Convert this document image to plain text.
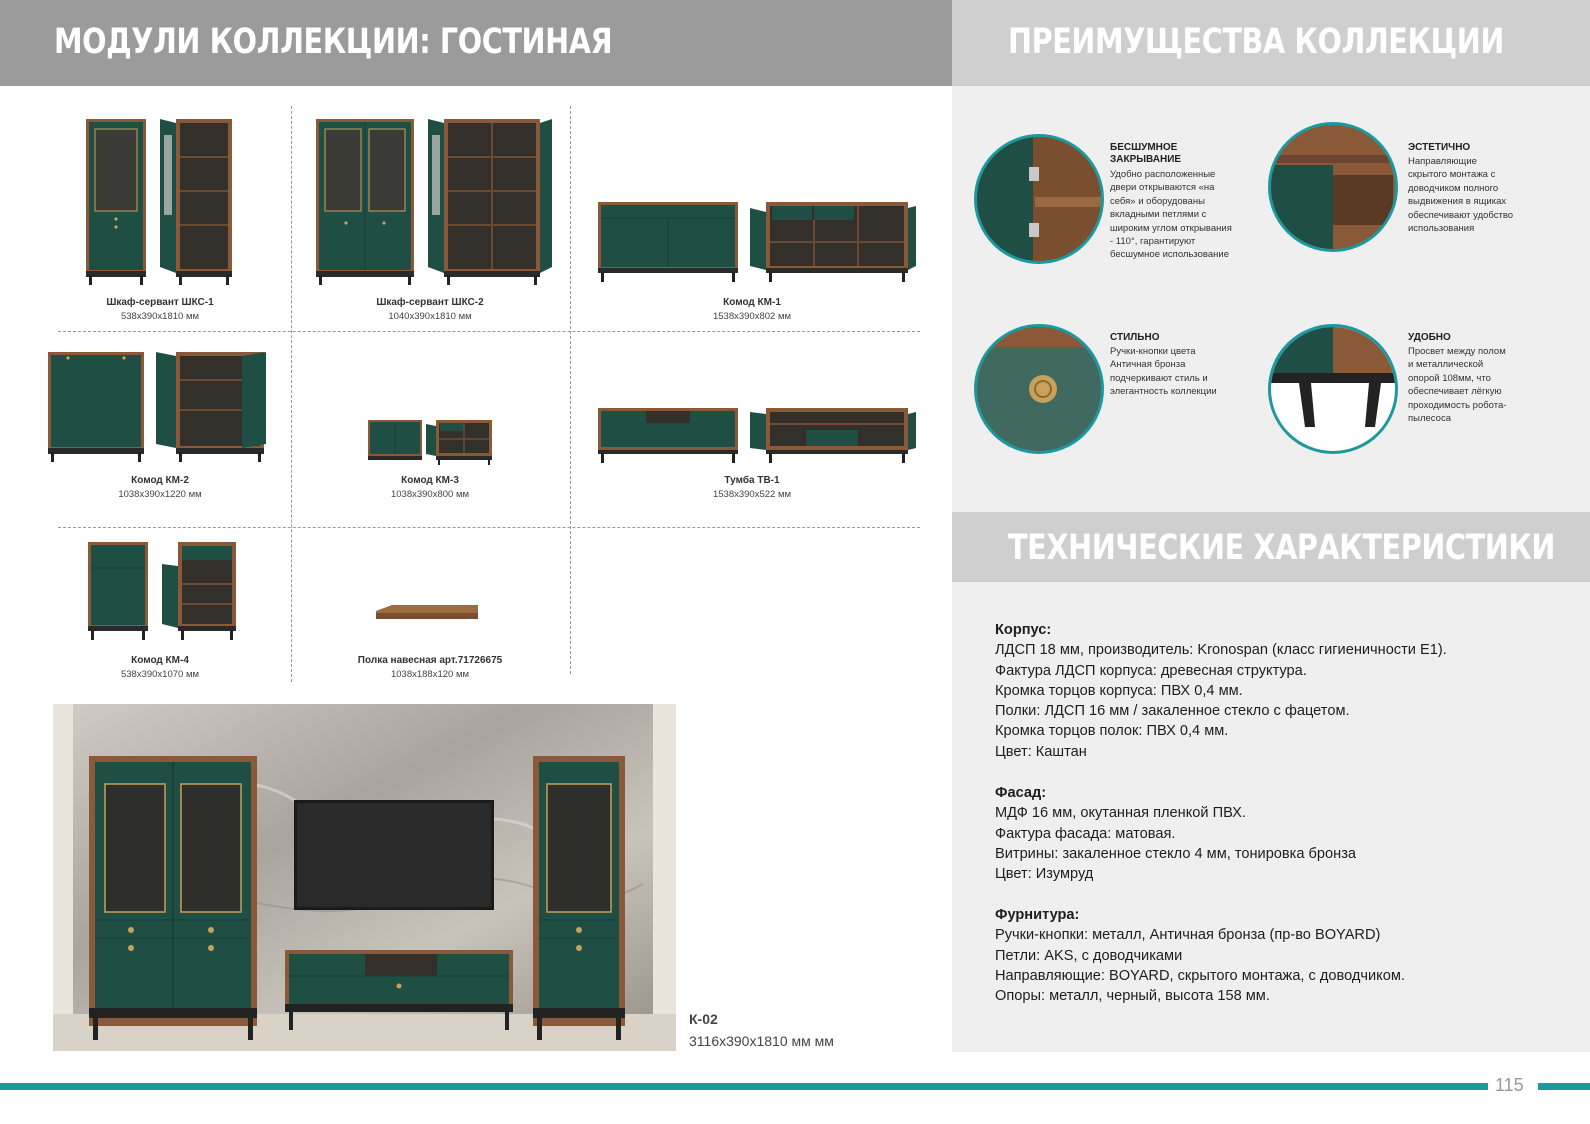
МОДУЛИ КОЛЛЕКЦИИ: ГОСТИНАЯ	ПРЕИМУЩЕСТВА КОЛЛЕКЦИИ
ТЕХНИЧЕСКИЕ ХАРАКТЕРИСТИКИ
Шкаф-сервант ШКС-1
538х390х1810 мм
Шкаф-сервант ШКС-2
1040х390х1810 мм
Комод КМ-1
1538х390х802 мм
Комод КМ-2
1038х390х1220 мм
Комод КМ-3
1038х390х800 мм
Тумба ТВ-1
1538х390х522 мм
Комод КМ-4
538х390х1070 мм
Полка навесная арт.71726675
1038х188х120 мм
К-02
3116х390х1810 мм мм
БЕСШУМНОЕ ЗАКРЫВАНИЕ
Удобно расположенные
двери открываются «на
себя» и оборудованы
вкладными петлями с
широким углом открывания
- 110°, гарантируют
бесшумное использование
ЭСТЕТИЧНО
Направляющие
скрытого монтажа с
доводчиком полного
выдвижения в ящиках
обеспечивают удобство
использования
СТИЛЬНО
Ручки-кнопки цвета
Античная бронза
подчеркивают стиль и
элегантность коллекции
УДОБНО
Просвет между полом
и металлической
опорой 108мм, что
обеспечивает лёгкую
проходимость робота-
пылесоса
Корпус:
ЛДСП 18 мм, производитель: Kronospan (класс гигиеничности Е1).
Фактура ЛДСП корпуса: древесная структура.
Кромка торцов корпуса: ПВХ 0,4 мм.
Полки: ЛДСП 16 мм / закаленное стекло с фацетом.
Кромка торцов полок: ПВХ 0,4 мм.
Цвет: Каштан
Фасад:
МДФ 16 мм, окутанная пленкой ПВХ.
Фактура фасада: матовая.
Витрины: закаленное стекло 4 мм, тонировка бронза
Цвет: Изумруд
Фурнитура:
Ручки-кнопки: металл, Античная бронза (пр-во BOYARD)
Петли: AKS, с доводчиками
Направляющие: BOYARD, скрытого монтажа, с доводчиком.
Опоры: металл, черный, высота 158 мм.
115
